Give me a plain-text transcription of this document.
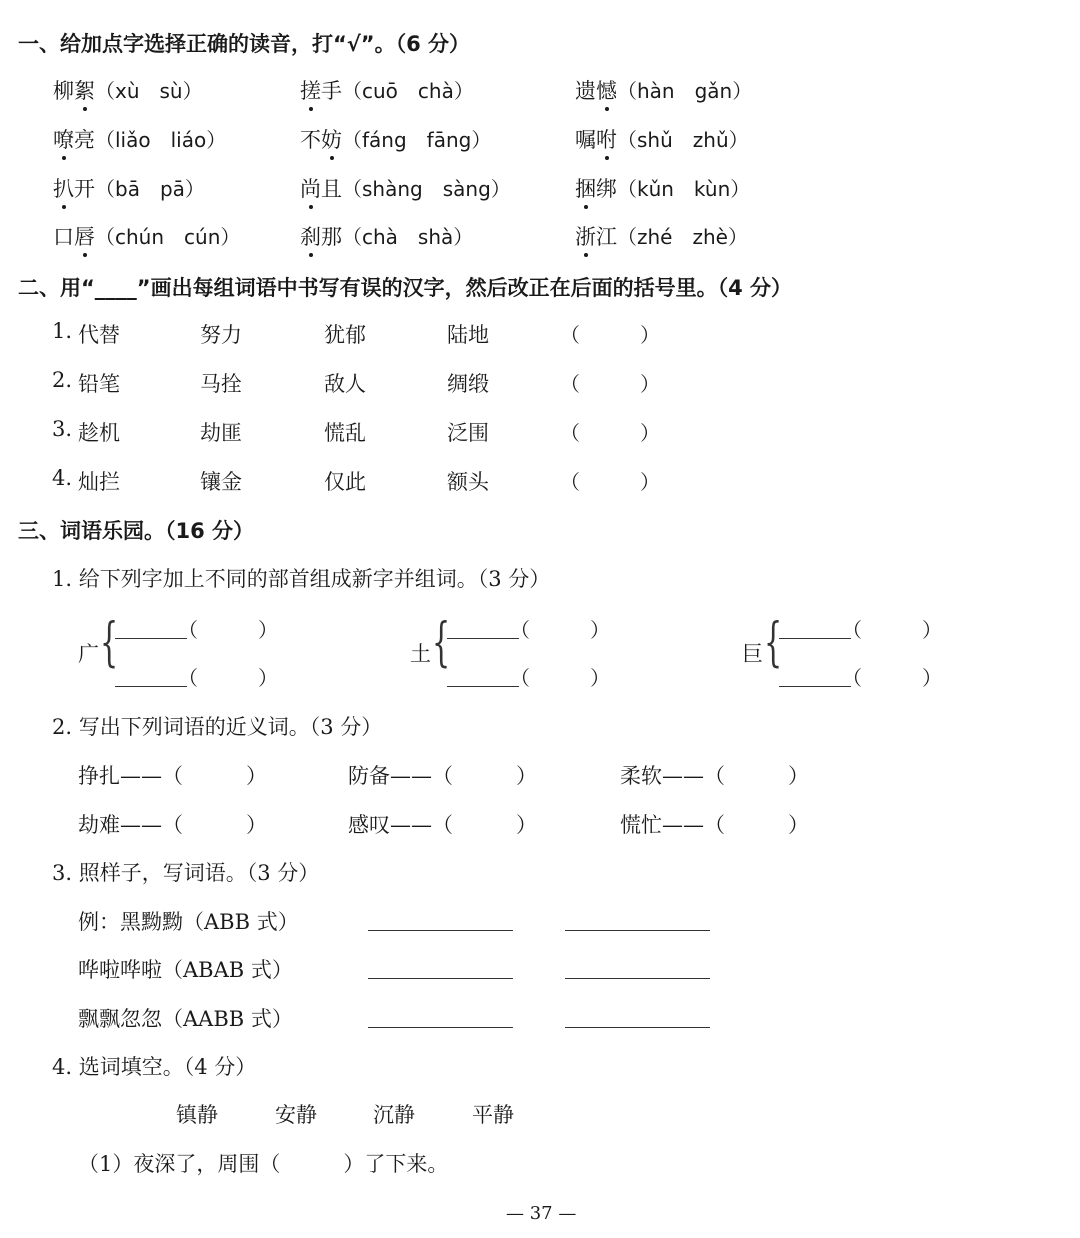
一、给加点字选择正确的读音，打“√”。（6 分）
柳絮（xù　sù）	搓手（cuō　chà）	遗憾（hàn　gǎn）
嘹亮（liǎo　liáo）	不妨（fáng　fāng）	嘱咐（shǔ　zhǔ）
扒开（bā　pā）	尚且（shàng　sàng）	捆绑（kǔn　kùn）
口唇（chún　cún）	刹那（chà　shà）	浙江（zhé　zhè）
二、用“____”画出每组词语中书写有误的汉字，然后改正在后面的括号里。（4 分）
1. 代替	努力	犹郁	陆地	（　　　）
2. 铅笔	马拴	敌人	绸缎	（　　　）
3. 趁机	劫匪	慌乱	泛围	（　　　）
4. 灿拦	镶金	仅此	额头	（　　　）
三、词语乐园。（16 分）
1. 给下列字加上不同的部首组成新字并组词。（3 分）
广 {	（　　　）
（　　　）
土 {	（　　　）
（　　　）
巨 {	（　　　）
（　　　）
2. 写出下列词语的近义词。（3 分）
挣扎——（　　　）	防备——（　　　）	柔软——（　　　）
劫难——（　　　）	感叹——（　　　）	慌忙——（　　　）
3. 照样子，写词语。（3 分）
例：黑黝黝（ABB 式）
哗啦哗啦（ABAB 式）
飘飘忽忽（AABB 式）
4. 选词填空。（4 分）
镇静	安静	沉静	平静
（1）夜深了，周围（　　　）了下来。
— 37 —
